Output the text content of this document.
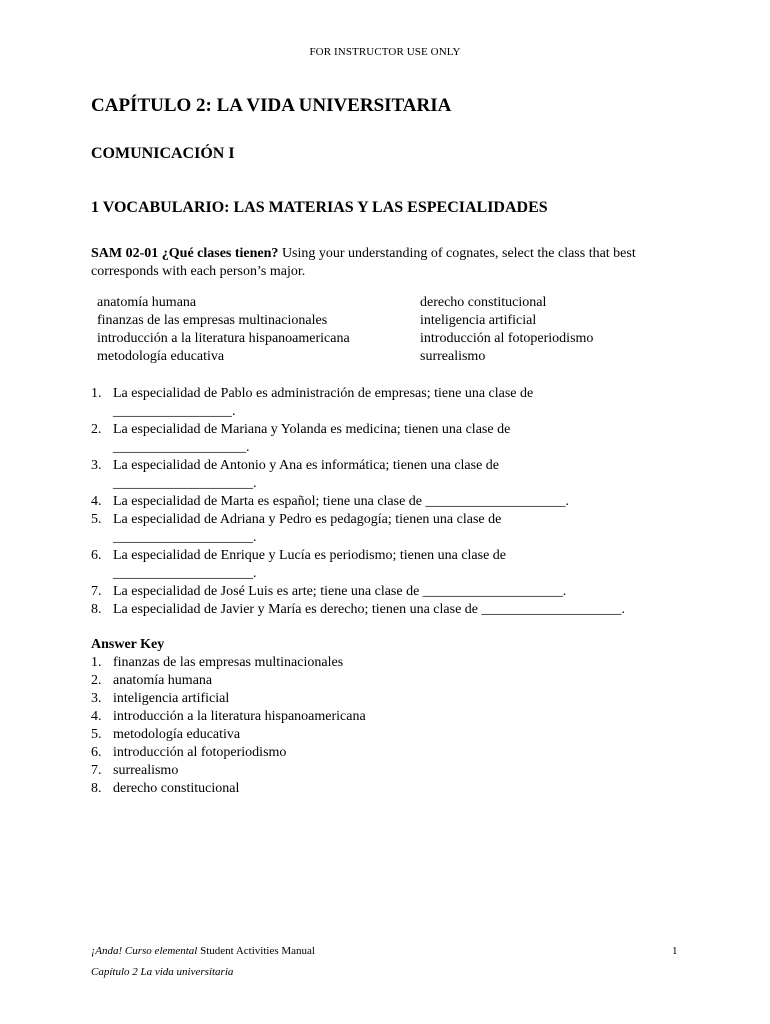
FOR INSTRUCTOR USE ONLY
CAPÍTULO 2: LA VIDA UNIVERSITARIA
COMUNICACIÓN I
1 VOCABULARIO: LAS MATERIAS Y LAS ESPECIALIDADES
SAM 02-01 ¿Qué clases tienen? Using your understanding of cognates, select the class that best corresponds with each person’s major.
anatomía humana
finanzas de las empresas multinacionales
introducción a la literatura hispanoamericana
metodología educativa
derecho constitucional
inteligencia artificial
introducción al fotoperiodismo
surrealismo
1. La especialidad de Pablo es administración de empresas; tiene una clase de
_________________.
2. La especialidad de Mariana y Yolanda es medicina; tienen una clase de
___________________.
3. La especialidad de Antonio y Ana es informática; tienen una clase de
____________________.
4. La especialidad de Marta es español; tiene una clase de ____________________.
5. La especialidad de Adriana y Pedro es pedagogía; tienen una clase de
____________________.
6. La especialidad de Enrique y Lucía es periodismo; tienen una clase de
____________________.
7. La especialidad de José Luis es arte; tiene una clase de ____________________.
8. La especialidad de Javier y María es derecho; tienen una clase de ____________________.
Answer Key
1. finanzas de las empresas multinacionales
2. anatomía humana
3. inteligencia artificial
4. introducción a la literatura hispanoamericana
5. metodología educativa
6. introducción al fotoperiodismo
7. surrealismo
8. derecho constitucional
¡Anda! Curso elemental Student Activities Manual
Capítulo 2 La vida universitaria
1
